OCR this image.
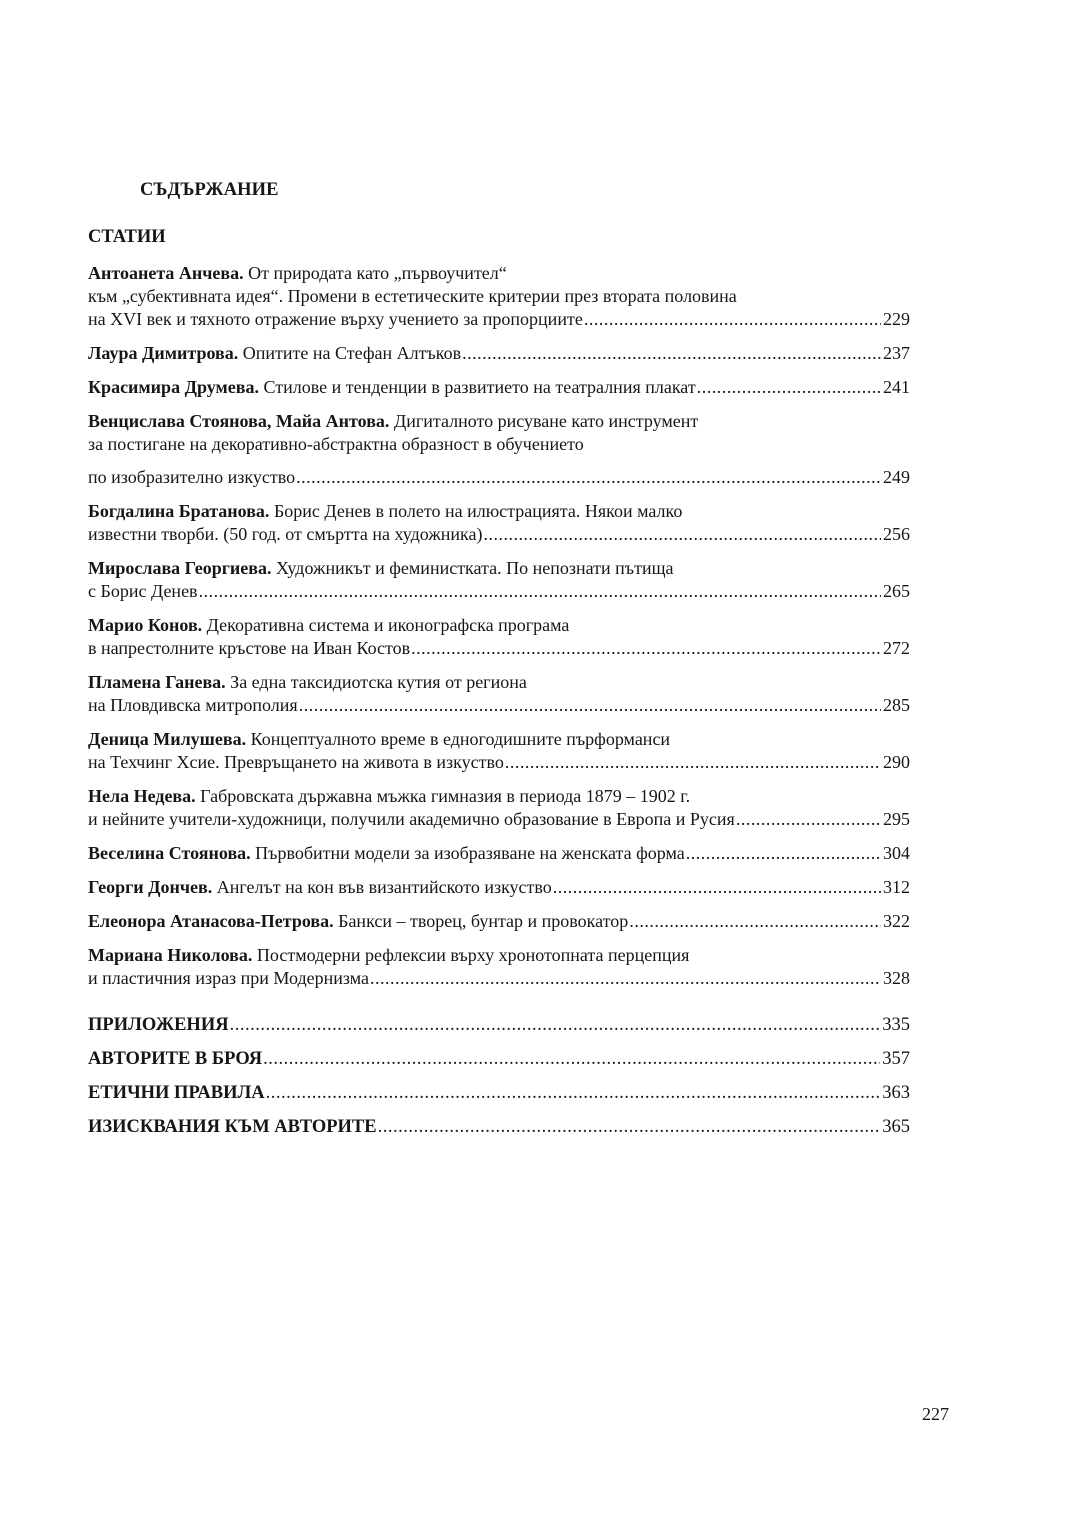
СЪДЪРЖАНИЕ
СТАТИИ
Антоанета Анчева. От природата като „първоучител“
към „субективната идея“. Промени в естетическите критерии през втората половина
на XVI век и тяхното отражение върху учението за пропорциите .....	229
Лаура Димитрова. Опитите на Стефан Алтъков .....	237
Красимира Друмева. Стилове и тенденции в развитието на театралния плакат .....	241
Венцислава Стоянова, Майа Антова. Дигиталното рисуване като инструмент
за постигане на декоративно-абстрактна образност в обучението
по изобразително изкуство .....	249
Богдалина Братанова. Борис Денев в полето на илюстрацията. Някои малко
известни творби. (50 год. от смъртта на художника) .....	256
Мирослава Георгиева. Художникът и феминистката. По непознати пътища
с Борис Денев .....	265
Марио Конов. Декоративна система и иконографска програма
в напрестолните кръстове на Иван Костов .....	272
Пламена Ганева. За една таксидиотска кутия от региона
на Пловдивска митрополия .....	285
Деница Милушева. Концептуалното време в едногодишните пърформанси
на Техчинг Хсие. Превръщането на живота в изкуство .....	290
Нела Недева. Габровската държавна мъжка гимназия в периода 1879 – 1902 г.
и нейните учители-художници, получили академично образование в Европа и Русия .....	295
Веселина Стоянова. Първобитни модели за изобразяване на женската форма .....	304
Георги Дончев. Ангелът на кон във византийското изкуство .....	312
Елеонора Атанасова-Петрова. Банкси – творец, бунтар и провокатор .....	322
Мариана Николова. Постмодерни рефлексии върху хронотопната перцепция
и пластичния израз при Модернизма .....	328
ПРИЛОЖЕНИЯ .....	335
АВТОРИТЕ В БРОЯ .....	357
ЕТИЧНИ ПРАВИЛА .....	363
ИЗИСКВАНИЯ КЪМ АВТОРИТЕ .....	365
227
